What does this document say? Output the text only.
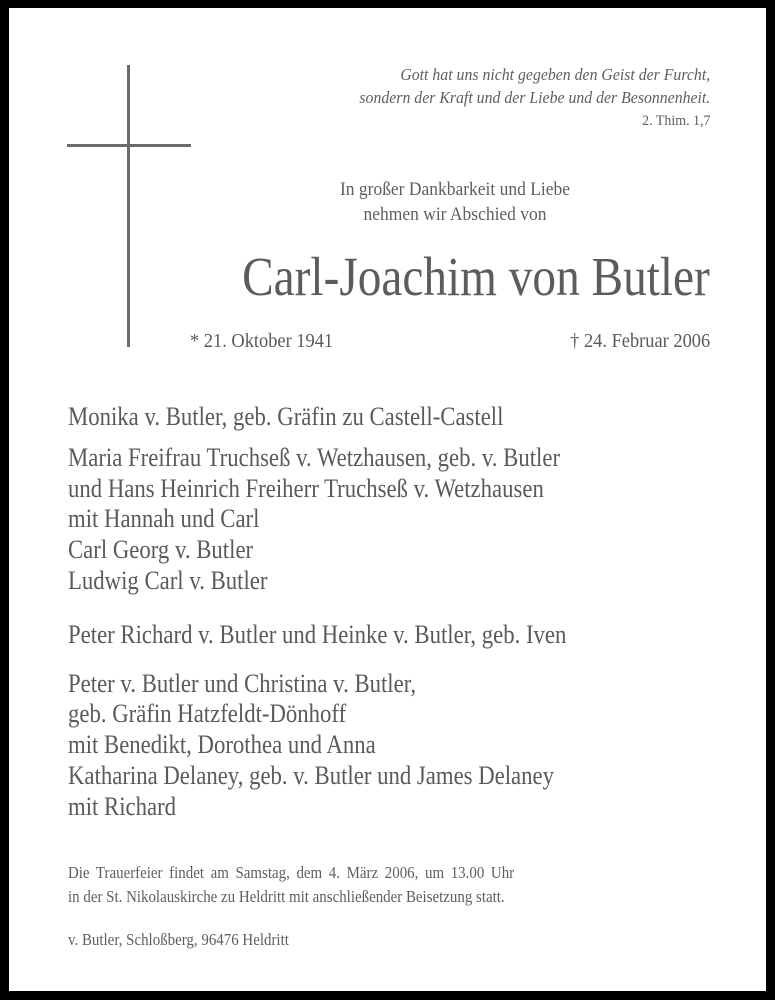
Gott hat uns nicht gegeben den Geist der Furcht,
sondern der Kraft und der Liebe und der Besonnenheit.
2. Thim. 1,7
In großer Dankbarkeit und Liebe
nehmen wir Abschied von
Carl-Joachim von Butler
* 21. Oktober 1941	† 24. Februar 2006
Monika v. Butler, geb. Gräfin zu Castell-Castell
Maria Freifrau Truchseß v. Wetzhausen, geb. v. Butler
und Hans Heinrich Freiherr Truchseß v. Wetzhausen
mit Hannah und Carl
Carl Georg v. Butler
Ludwig Carl v. Butler
Peter Richard v. Butler und Heinke v. Butler, geb. Iven
Peter v. Butler und Christina v. Butler,
geb. Gräfin Hatzfeldt-Dönhoff
mit Benedikt, Dorothea und Anna
Katharina Delaney, geb. v. Butler und James Delaney
mit Richard
Die Trauerfeier findet am Samstag, dem 4. März 2006, um 13.00 Uhr
in der St. Nikolauskirche zu Heldritt mit anschließender Beisetzung statt.
v. Butler, Schloßberg, 96476 Heldritt
